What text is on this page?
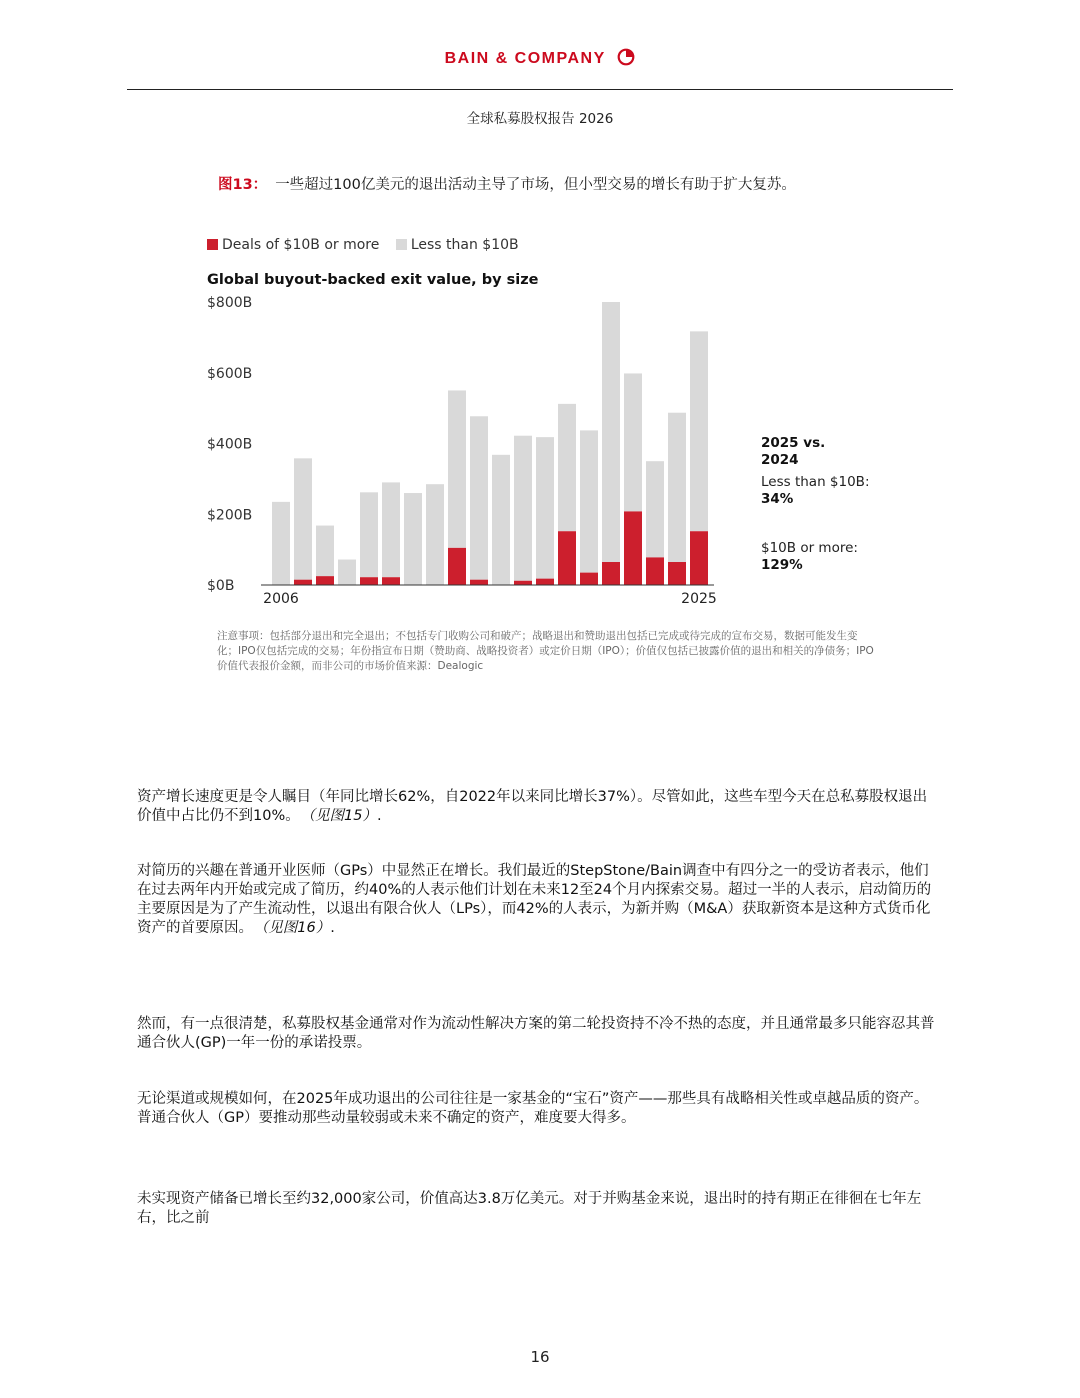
BAIN & COMPANY
全球私募股权报告 2026
图13： 一些超过100亿美元的退出活动主导了市场，但小型交易的增长有助于扩大复苏。
Deals of $10B or more Less than $10B
Global buyout-backed exit value, by size
$0B
$200B
$400B
$600B
$800B
2006	2025
2025 vs.
2024
Less than $10B:
34%
$10B or more:
129%
注意事项：包括部分退出和完全退出；不包括专门收购公司和破产；战略退出和赞助退出包括已完成或待完成的宣布交易，数据可能发生变化；IPO仅包括完成的交易；年份指宣布日期（赞助商、战略投资者）或定价日期（IPO）；价值仅包括已披露价值的退出和相关的净债务；IPO价值代表报价金额，而非公司的市场价值来源：Dealogic
资产增长速度更是令人瞩目（年同比增长62%，自2022年以来同比增长37%）。尽管如此，这些车型今天在总私募股权退出价值中占比仍不到10%。 （见图15）.
对简历的兴趣在普通开业医师（GPs）中显然正在增长。我们最近的StepStone/Bain调查中有四分之一的受访者表示，他们在过去两年内开始或完成了简历，约40%的人表示他们计划在未来12至24个月内探索交易。超过一半的人表示，启动简历的主要原因是为了产生流动性，以退出有限合伙人（LPs），而42%的人表示，为新并购（M&A）获取新资本是这种方式货币化资产的首要原因。 （见图16）.
然而，有一点很清楚，私募股权基金通常对作为流动性解决方案的第二轮投资持不冷不热的态度，并且通常最多只能容忍其普通合伙人(GP)一年一份的承诺投票。
无论渠道或规模如何，在2025年成功退出的公司往往是一家基金的“宝石”资产——那些具有战略相关性或卓越品质的资产。普通合伙人（GP）要推动那些动量较弱或未来不确定的资产，难度要大得多。
未实现资产储备已增长至约32,000家公司，价值高达3.8万亿美元。对于并购基金来说，退出时的持有期正在徘徊在七年左右，比之前
16
